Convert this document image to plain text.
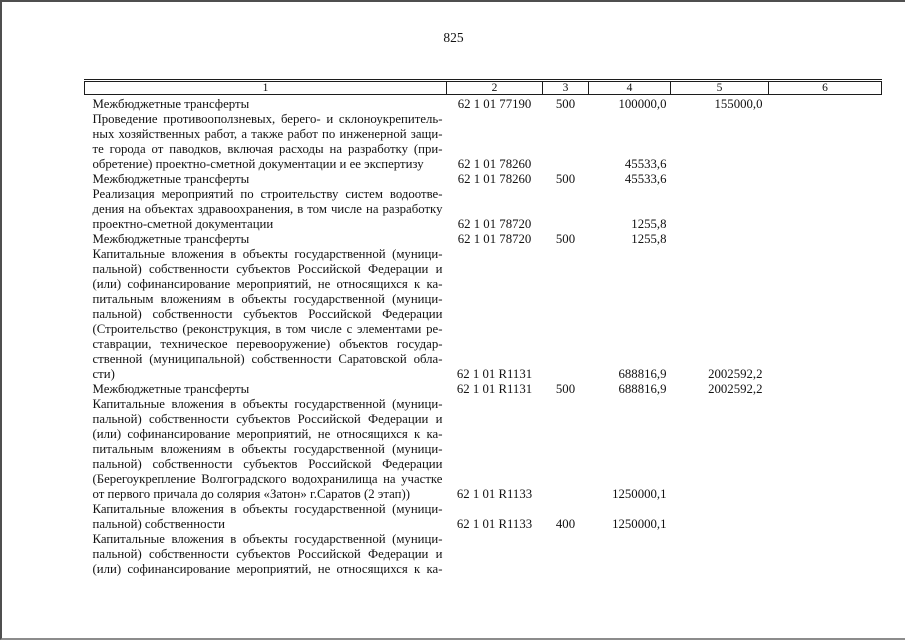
825
1	2	3	4	5	6

Межбюджетные трансферты	62 1 01 77190	500	100000,0	155000,0	

Проведение противооползневых, берего- и склоноукрепитель-
ных хозяйственных работ, а также работ по инженерной защи-
те города от паводков, включая расходы на разработку (при-
обретение) проектно-сметной документации и ее экспертизу	62 1 01 78260		45533,6		

Межбюджетные трансферты	62 1 01 78260	500	45533,6		

Реализация мероприятий по строительству систем водоотве-
дения на объектах здравоохранения, в том числе на разработку
проектно-сметной документации	62 1 01 78720		1255,8		

Межбюджетные трансферты	62 1 01 78720	500	1255,8		

Капитальные вложения в объекты государственной (муници-
пальной) собственности субъектов Российской Федерации и
(или) софинансирование мероприятий, не относящихся к ка-
питальным вложениям в объекты государственной (муници-
пальной) собственности субъектов Российской Федерации
(Строительство (реконструкция, в том числе с элементами ре-
ставрации, техническое перевооружение) объектов государ-
ственной (муниципальной) собственности Саратовской обла-
сти)	62 1 01 R1131		688816,9	2002592,2	

Межбюджетные трансферты	62 1 01 R1131	500	688816,9	2002592,2	

Капитальные вложения в объекты государственной (муници-
пальной) собственности субъектов Российской Федерации и
(или) софинансирование мероприятий, не относящихся к ка-
питальным вложениям в объекты государственной (муници-
пальной) собственности субъектов Российской Федерации
(Берегоукрепление Волгоградского водохранилища на участке
от первого причала до солярия «Затон» г.Саратов (2 этап))	62 1 01 R1133		1250000,1		

Капитальные вложения в объекты государственной (муници-
пальной) собственности	62 1 01 R1133	400	1250000,1		

Капитальные вложения в объекты государственной (муници-
пальной) собственности субъектов Российской Федерации и
(или) софинансирование мероприятий, не относящихся к ка-					
